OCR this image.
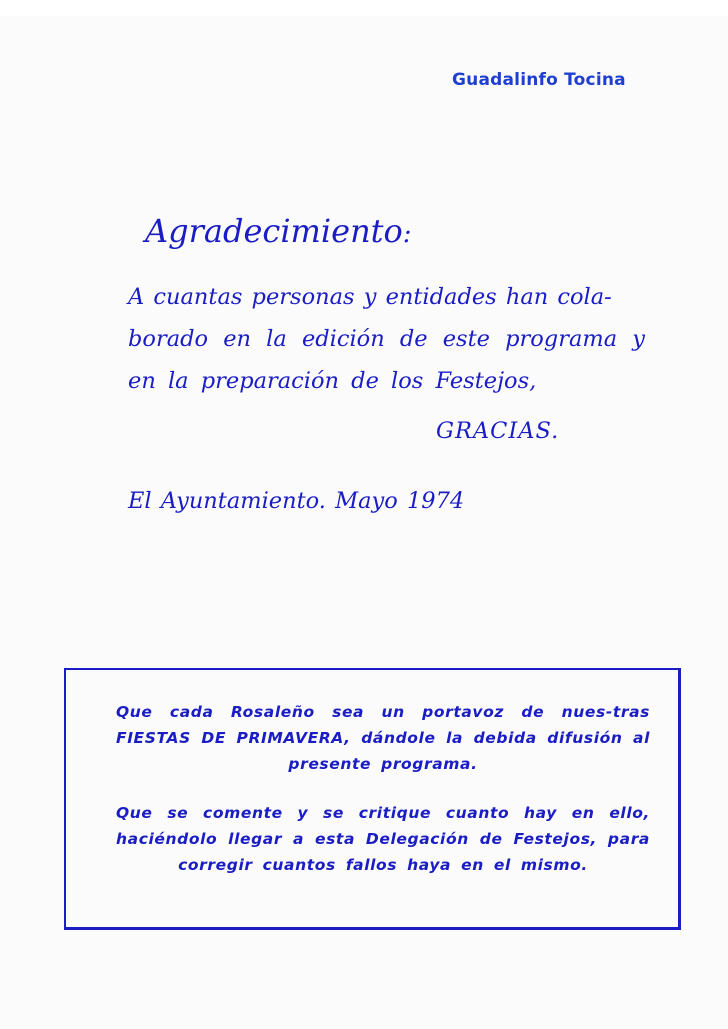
Guadalinfo Tocina
Agradecimiento:
A cuantas personas y entidades han cola-
borado en la edición de este programa y
en la preparación de los Festejos,
GRACIAS.
El Ayuntamiento. Mayo 1974
Que cada Rosaleño sea un portavoz de nues-tras FIESTAS DE PRIMAVERA, dándole la debida difusión al presente programa.
Que se comente y se critique cuanto hay en ello, haciéndolo llegar a esta Delegación de Festejos, para corregir cuantos fallos haya en el mismo.
